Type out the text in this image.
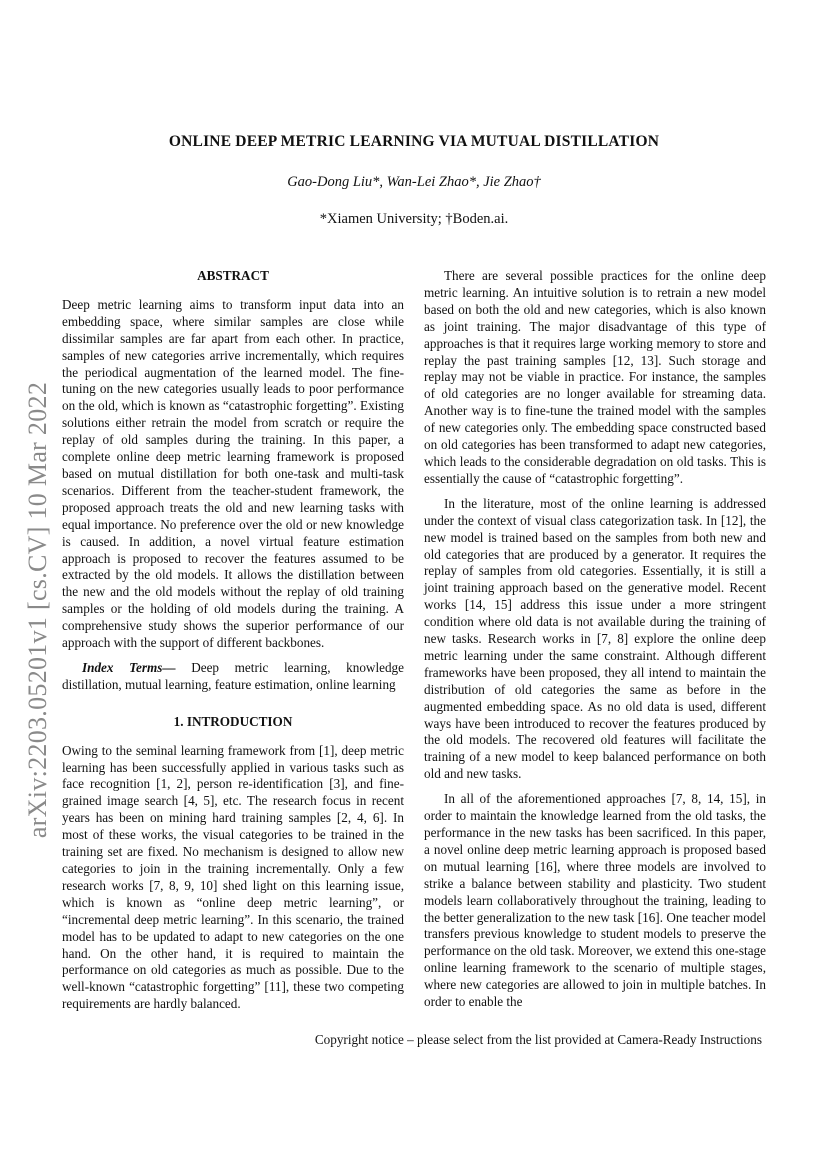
arXiv:2203.05201v1 [cs.CV] 10 Mar 2022
ONLINE DEEP METRIC LEARNING VIA MUTUAL DISTILLATION
Gao-Dong Liu*, Wan-Lei Zhao*, Jie Zhao†
*Xiamen University; †Boden.ai.
ABSTRACT

Deep metric learning aims to transform input data into an embedding space, where similar samples are close while dissimilar samples are far apart from each other. In practice, samples of new categories arrive incrementally, which requires the periodical augmentation of the learned model. The fine-tuning on the new categories usually leads to poor performance on the old, which is known as “catastrophic forgetting”. Existing solutions either retrain the model from scratch or require the replay of old samples during the training. In this paper, a complete online deep metric learning framework is proposed based on mutual distillation for both one-task and multi-task scenarios. Different from the teacher-student framework, the proposed approach treats the old and new learning tasks with equal importance. No preference over the old or new knowledge is caused. In addition, a novel virtual feature estimation approach is proposed to recover the features assumed to be extracted by the old models. It allows the distillation between the new and the old models without the replay of old training samples or the holding of old models during the training. A comprehensive study shows the superior performance of our approach with the support of different backbones.

Index Terms— Deep metric learning, knowledge distillation, mutual learning, feature estimation, online learning

1. INTRODUCTION

Owing to the seminal learning framework from [1], deep metric learning has been successfully applied in various tasks such as face recognition [1, 2], person re-identification [3], and fine-grained image search [4, 5], etc. The research focus in recent years has been on mining hard training samples [2, 4, 6]. In most of these works, the visual categories to be trained in the training set are fixed. No mechanism is designed to allow new categories to join in the training incrementally. Only a few research works [7, 8, 9, 10] shed light on this learning issue, which is known as “online deep metric learning”, or “incremental deep metric learning”. In this scenario, the trained model has to be updated to adapt to new categories on the one hand. On the other hand, it is required to maintain the performance on old categories as much as possible. Due to the well-known “catastrophic forgetting” [11], these two competing requirements are hardly balanced.

There are several possible practices for the online deep metric learning. An intuitive solution is to retrain a new model based on both the old and new categories, which is also known as joint training. The major disadvantage of this type of approaches is that it requires large working memory to store and replay the past training samples [12, 13]. Such storage and replay may not be viable in practice. For instance, the samples of old categories are no longer available for streaming data. Another way is to fine-tune the trained model with the samples of new categories only. The embedding space constructed based on old categories has been transformed to adapt new categories, which leads to the considerable degradation on old tasks. This is essentially the cause of “catastrophic forgetting”.

In the literature, most of the online learning is addressed under the context of visual class categorization task. In [12], the new model is trained based on the samples from both new and old categories that are produced by a generator. It requires the replay of samples from old categories. Essentially, it is still a joint training approach based on the generative model. Recent works [14, 15] address this issue under a more stringent condition where old data is not available during the training of new tasks. Research works in [7, 8] explore the online deep metric learning under the same constraint. Although different frameworks have been proposed, they all intend to maintain the distribution of old categories the same as before in the augmented embedding space. As no old data is used, different ways have been introduced to recover the features produced by the old models. The recovered old features will facilitate the training of a new model to keep balanced performance on both old and new tasks.

In all of the aforementioned approaches [7, 8, 14, 15], in order to maintain the knowledge learned from the old tasks, the performance in the new tasks has been sacrificed. In this paper, a novel online deep metric learning approach is proposed based on mutual learning [16], where three models are involved to strike a balance between stability and plasticity. Two student models learn collaboratively throughout the training, leading to the better generalization to the new task [16]. One teacher model transfers previous knowledge to student models to preserve the performance on the old task. Moreover, we extend this one-stage online learning framework to the scenario of multiple stages, where new categories are allowed to join in multiple batches. In order to enable the

Copyright notice – please select from the list provided at Camera-Ready Instructions
